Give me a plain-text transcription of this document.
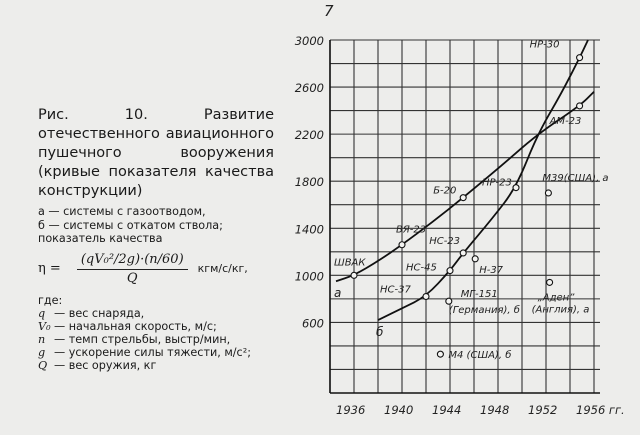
7
600
1000
1400
1800
2200
2600
3000
1936 1940 1944 1948 1952 1956 гг.
а
б
ШВАК
ВЯ-23
Б-20
НР-23	М39(США), а
АМ-23
НР-30
НС-23
Н-37
НС-45
НС-37	МГ-151
(Германия), б
„Аден”
(Англия), а
М4 (США), б
Рис. 10. Развитие отечественного авиационного пушечного вооружения (кривые показателя качества конструкции)
а — системы с газоотводом,
б — системы с откатом ствола;
показатель качества
$\eta = \frac{\text{(qV₀²/2g)·(n/60)}}{Q} кгм/с/кг$,
где:
q — вес снаряда,
V₀ — начальная скорость, м/с;
n — темп стрельбы, выстр/мин,
g — ускорение силы тяжести, м/с²;
Q — вес оружия, кг
